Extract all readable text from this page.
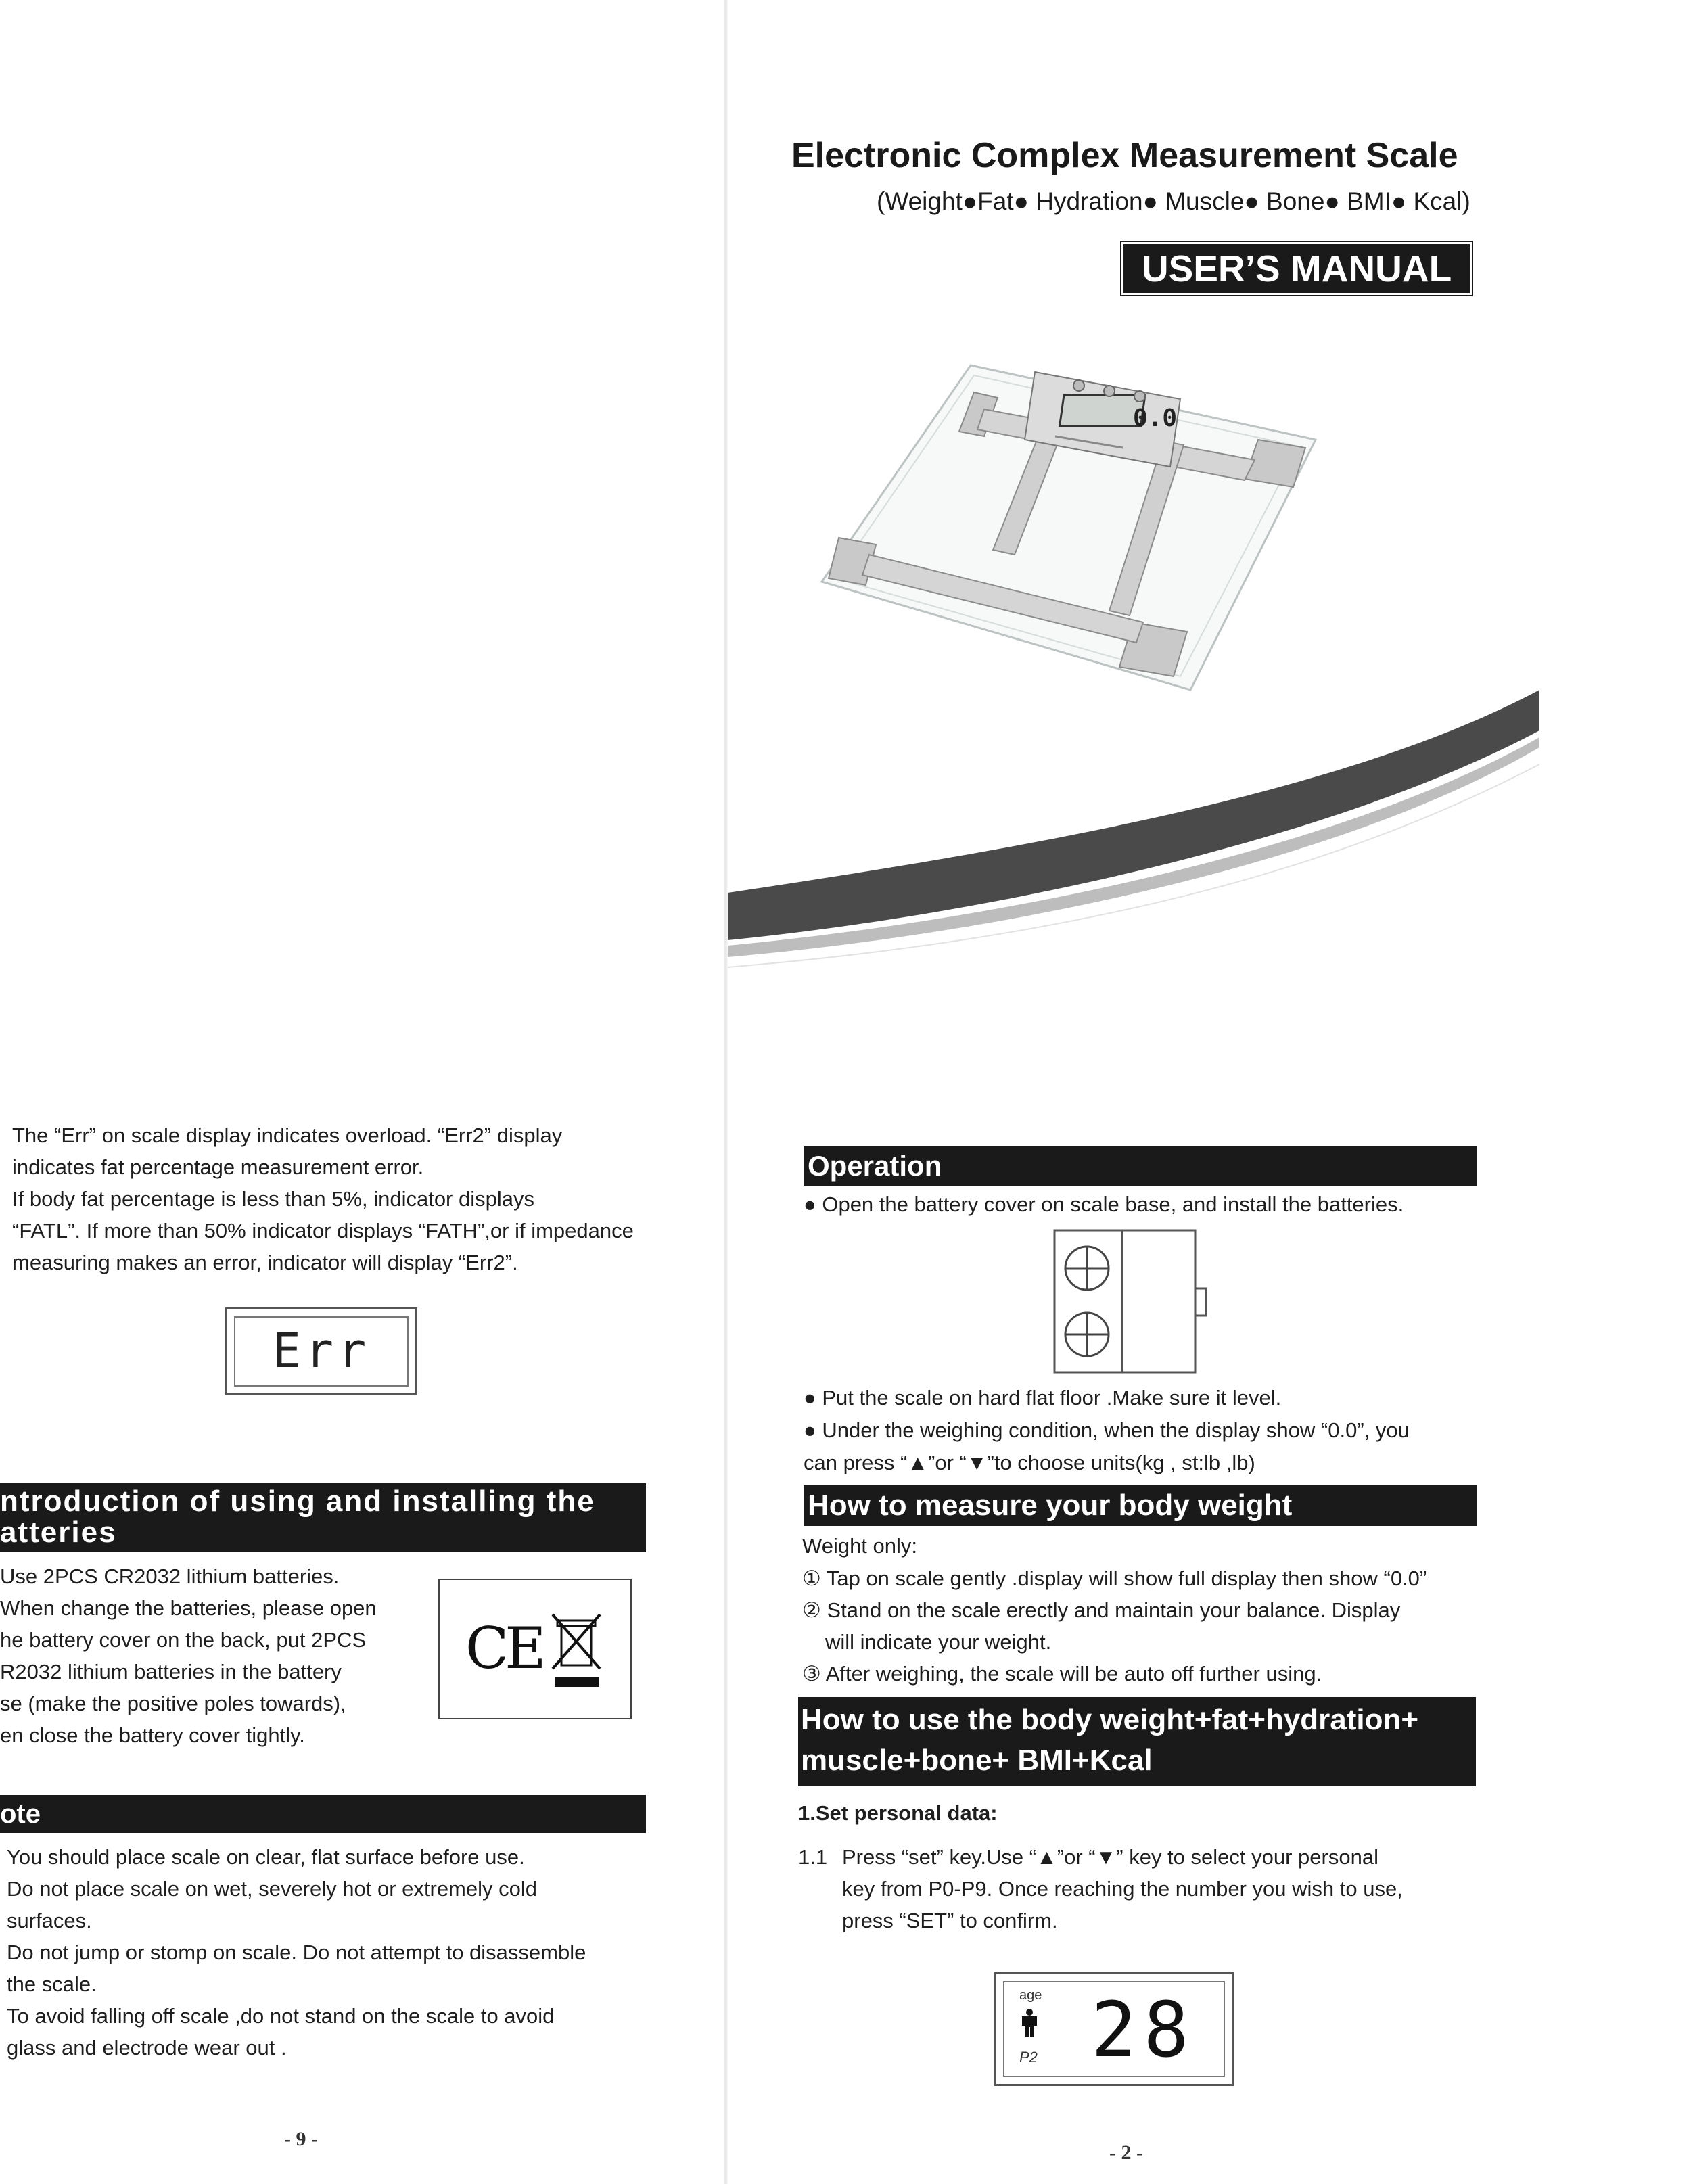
The “Err” on scale display indicates overload. “Err2” display
indicates fat percentage measurement error.
If body fat percentage is less than 5%, indicator displays
“FATL”. If more than 50% indicator displays “FATH”,or if impedance
measuring makes an error, indicator will display “Err2”.
Err
ntroduction of using and installing the
atteries
Use 2PCS CR2032 lithium batteries.
When change the batteries, please open
he battery cover on the back, put 2PCS
R2032 lithium batteries in the battery
se (make the positive poles towards),
en close the battery cover tightly.
CE
ote
You should place scale on clear, flat surface before use.
Do not place scale on wet, severely hot or extremely cold
surfaces.
Do not jump or stomp on scale. Do not attempt to disassemble
the scale.
To avoid falling off scale ,do not stand on the scale to avoid
glass and electrode wear out .
- 9 -
Electronic Complex Measurement Scale
(Weight●Fat● Hydration● Muscle● Bone● BMI● Kcal)
USER’S MANUAL
0.0
Operation
● Open the battery cover on scale base, and install the batteries.
● Put the scale on hard flat floor .Make sure it level.
● Under the weighing condition, when the display show “0.0”, you
can press “▲”or “▼”to choose units(kg , st:lb ,lb)
How to measure your body weight
Weight only:
① Tap on scale gently .display will show full display then show “0.0”
② Stand on the scale erectly and maintain your balance. Display
will indicate your weight.
③ After weighing, the scale will be auto off further using.
How to use the body weight+fat+hydration+
muscle+bone+ BMI+Kcal
1.Set personal data:
1.1 Press “set” key.Use “▲”or “▼” key to select your personal
key from P0-P9. Once reaching the number you wish to use,
press “SET” to confirm.
age
P2 28
- 2 -
